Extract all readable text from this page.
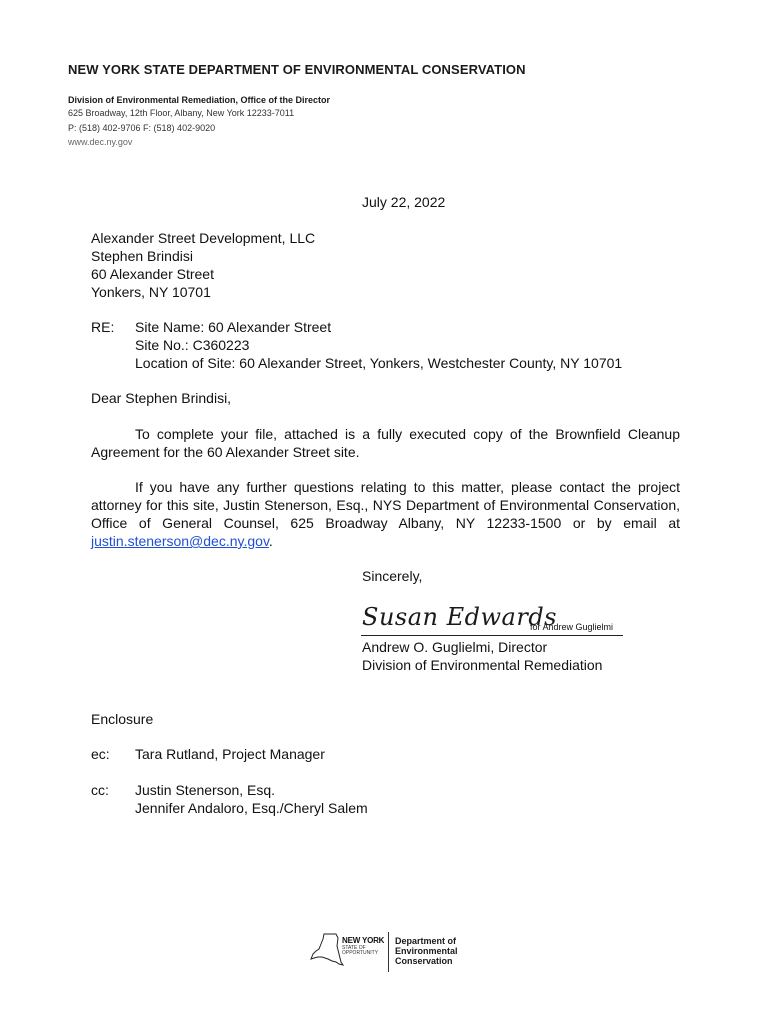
NEW YORK STATE DEPARTMENT OF ENVIRONMENTAL CONSERVATION
Division of Environmental Remediation, Office of the Director
625 Broadway, 12th Floor, Albany, New York 12233-7011
P: (518) 402-9706 F: (518) 402-9020
www.dec.ny.gov
July 22, 2022
Alexander Street Development, LLC
Stephen Brindisi
60 Alexander Street
Yonkers, NY 10701
RE: Site Name: 60 Alexander Street
Site No.: C360223
Location of Site: 60 Alexander Street, Yonkers, Westchester County, NY 10701
Dear Stephen Brindisi,
To complete your file, attached is a fully executed copy of the Brownfield Cleanup Agreement for the 60 Alexander Street site.
If you have any further questions relating to this matter, please contact the project attorney for this site, Justin Stenerson, Esq., NYS Department of Environmental Conservation, Office of General Counsel, 625 Broadway Albany, NY 12233-1500 or by email at justin.stenerson@dec.ny.gov.
Sincerely,
Susan Edwards
for Andrew Guglielmi
Andrew O. Guglielmi, Director
Division of Environmental Remediation
Enclosure
ec: Tara Rutland, Project Manager
cc: Justin Stenerson, Esq.
Jennifer Andaloro, Esq./Cheryl Salem
NEW YORK
STATE OF
OPPORTUNITY
Department of
Environmental
Conservation
